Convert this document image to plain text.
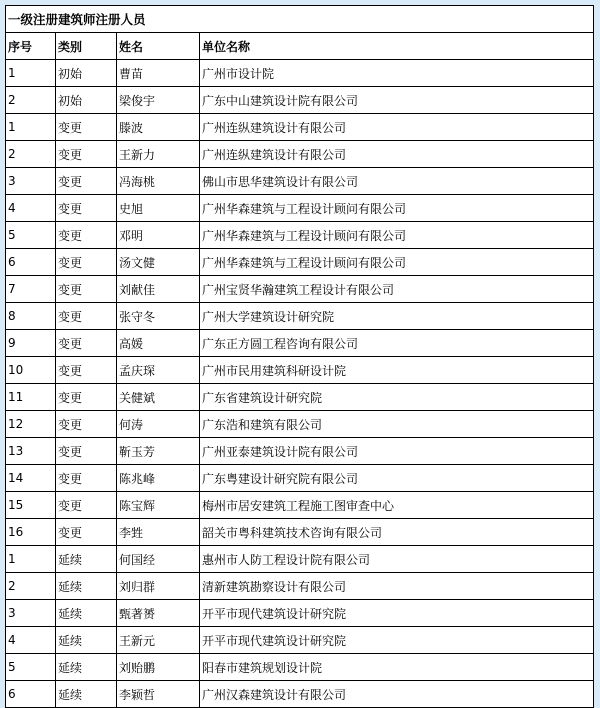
一级注册建筑师注册人员			
序号	类别	姓名	单位名称
1	初始	曹苗	广州市设计院
2	初始	梁俊宇	广东中山建筑设计院有限公司
1	变更	滕波	广州连纵建筑设计有限公司
2	变更	王新力	广州连纵建筑设计有限公司
3	变更	冯海桃	佛山市思华建筑设计有限公司
4	变更	史旭	广州华森建筑与工程设计顾问有限公司
5	变更	邓明	广州华森建筑与工程设计顾问有限公司
6	变更	汤文健	广州华森建筑与工程设计顾问有限公司
7	变更	刘献佳	广州宝贤华瀚建筑工程设计有限公司
8	变更	张守冬	广州大学建筑设计研究院
9	变更	高媛	广东正方圆工程咨询有限公司
10	变更	孟庆琛	广州市民用建筑科研设计院
11	变更	关健斌	广东省建筑设计研究院
12	变更	何涛	广东浩和建筑有限公司
13	变更	靳玉芳	广州亚泰建筑设计院有限公司
14	变更	陈兆峰	广东粤建设计研究院有限公司
15	变更	陈宝辉	梅州市居安建筑工程施工图审查中心
16	变更	李甡	韶关市粤科建筑技术咨询有限公司
1	延续	何国经	惠州市人防工程设计院有限公司
2	延续	刘归群	清新建筑勘察设计有限公司
3	延续	甄著赟	开平市现代建筑设计研究院
4	延续	王新元	开平市现代建筑设计研究院
5	延续	刘贻鹏	阳春市建筑规划设计院
6	延续	李颖哲	广州汉森建筑设计有限公司
